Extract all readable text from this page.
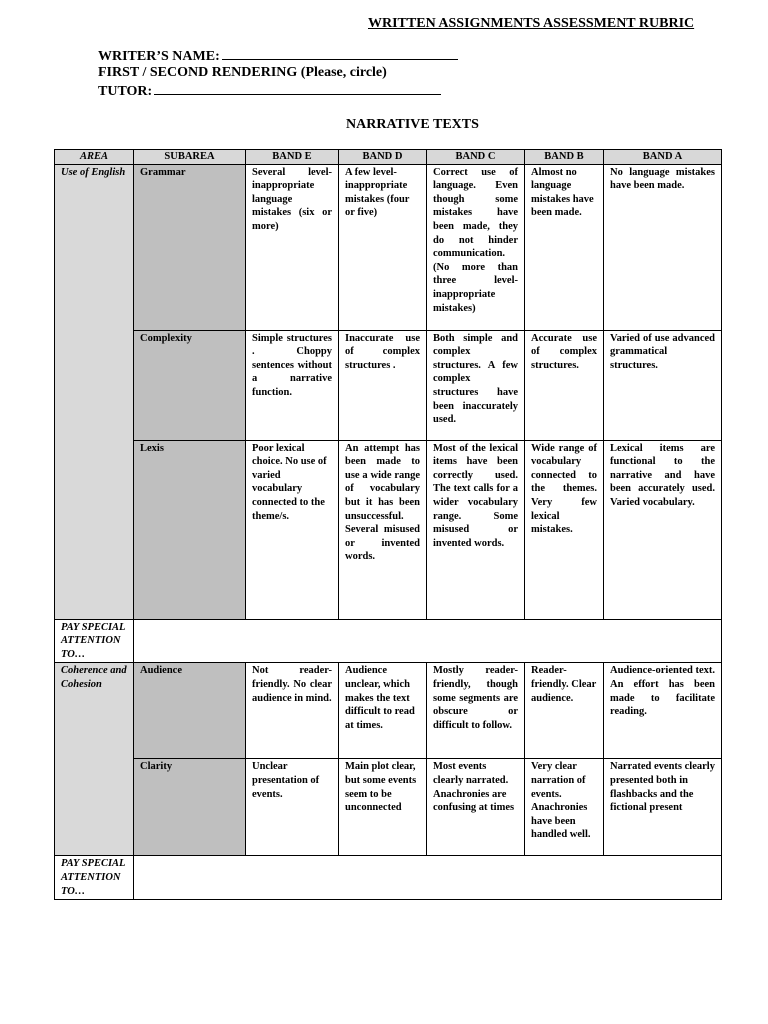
WRITTEN ASSIGNMENTS ASSESSMENT RUBRIC
WRITER’S NAME:
FIRST / SECOND RENDERING (Please, circle)
TUTOR:
NARRATIVE TEXTS
AREA	SUBAREA	BAND E	BAND D	BAND C	BAND B	BAND A
Use of English	Grammar	Several level-inappropriate language mistakes (six or more)	A few level-inappropriate mistakes (four or five)	Correct use of language. Even though some mistakes have been made, they do not hinder communication. (No more than three level-inappropriate mistakes)	Almost no language mistakes have been made.	No language mistakes have been made.
	Complexity	Simple structures . Choppy sentences without a narrative function.	Inaccurate use of complex structures .	Both simple and complex structures. A few complex structures have been inaccurately used.	Accurate use of complex structures.	Varied of use advanced grammatical structures.
	Lexis	Poor lexical choice. No use of varied vocabulary connected to the theme/s.	An attempt has been made to use a wide range of vocabulary but it has been unsuccessful. Several misused or invented words.	Most of the lexical items have been correctly used. The text calls for a wider vocabulary range. Some misused or invented words.	Wide range of vocabulary connected to the themes. Very few lexical mistakes.	Lexical items are functional to the narrative and have been accurately used. Varied vocabulary.
PAY SPECIAL ATTENTION TO…						
Coherence and Cohesion	Audience	Not reader-friendly. No clear audience in mind.	Audience unclear, which makes the text difficult to read at times.	Mostly reader-friendly, though some segments are obscure or difficult to follow.	Reader-friendly. Clear audience.	Audience-oriented text. An effort has been made to facilitate reading.
	Clarity	Unclear presentation of events.	Main plot clear, but some events seem to be unconnected	Most events clearly narrated. Anachronies are confusing at times	Very clear narration of events. Anachronies have been handled well.	Narrated events clearly presented both in flashbacks and the fictional present
PAY SPECIAL ATTENTION TO…						
